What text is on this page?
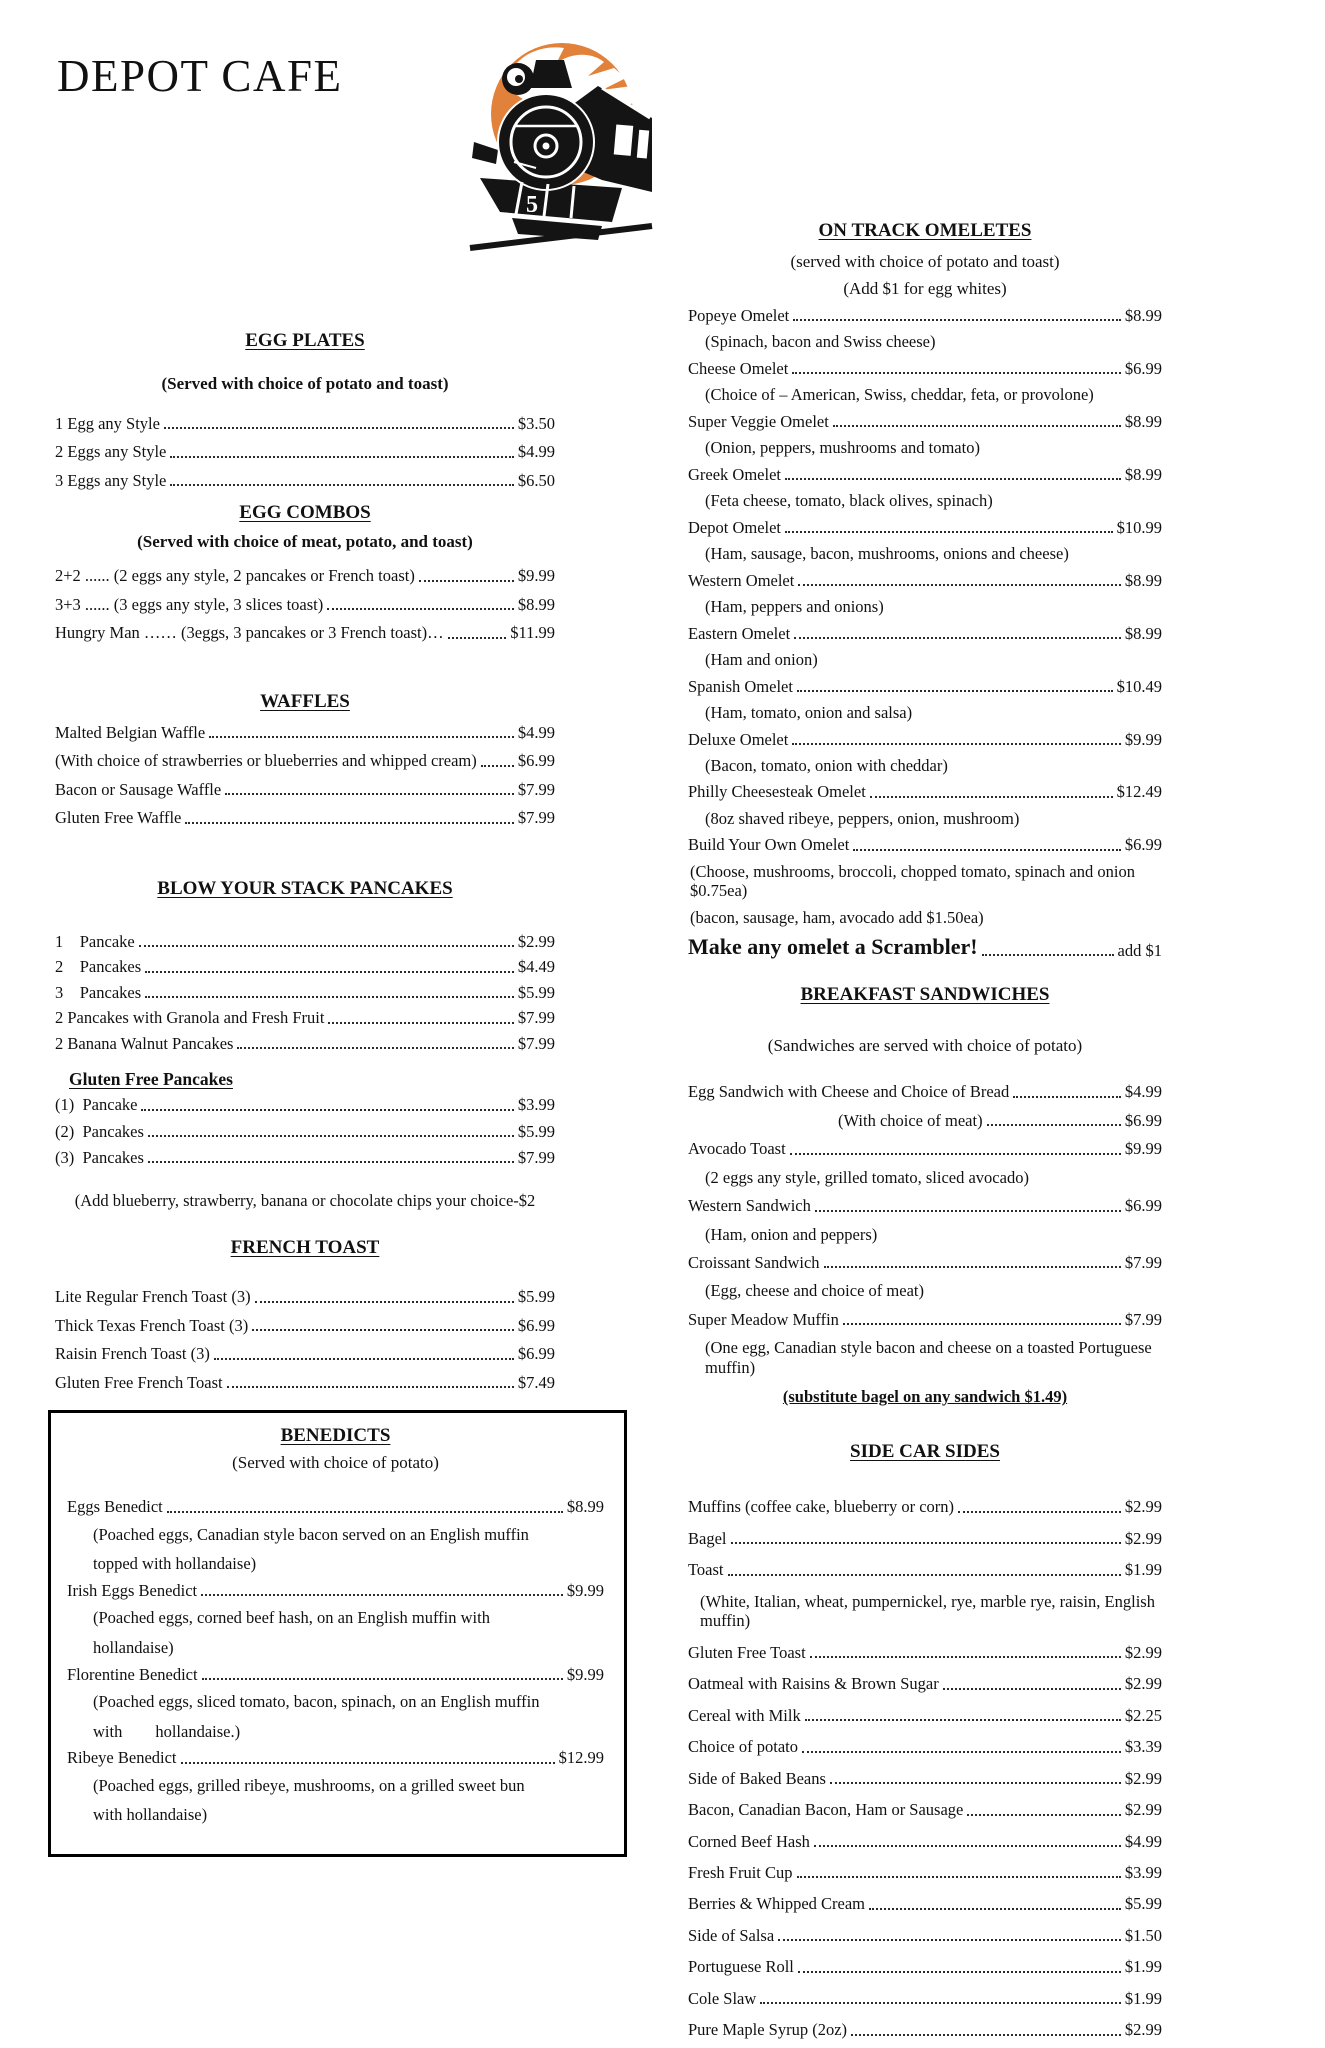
DEPOT CAFE
5
EGG PLATES
(Served with choice of potato and toast)
1 Egg any Style	$3.50
2 Eggs any Style	$4.99
3 Eggs any Style	$6.50
EGG COMBOS
(Served with choice of meat, potato, and toast)
2+2 ...... (2 eggs any style, 2 pancakes or French toast)	$9.99
3+3 ...... (3 eggs any style, 3 slices toast)	$8.99
Hungry Man …… (3eggs, 3 pancakes or 3 French toast)…	$11.99
WAFFLES
Malted Belgian Waffle	$4.99
(With choice of strawberries or blueberries and whipped cream) $6.99
Bacon or Sausage Waffle	$7.99
Gluten Free Waffle	$7.99
BLOW YOUR STACK PANCAKES
1    Pancake	$2.99
2    Pancakes	$4.49
3    Pancakes	$5.99
2 Pancakes with Granola and Fresh Fruit	$7.99
2 Banana Walnut Pancakes	$7.99
Gluten Free Pancakes
(1)  Pancake	$3.99
(2)  Pancakes	$5.99
(3)  Pancakes	$7.99
(Add blueberry, strawberry, banana or chocolate chips your choice-$2
FRENCH TOAST
Lite Regular French Toast (3)	$5.99
Thick Texas French Toast (3)	$6.99
Raisin French Toast (3)	$6.99
Gluten Free French Toast	$7.49
BENEDICTS
(Served with choice of potato)
Eggs Benedict	$8.99
(Poached eggs, Canadian style bacon served on an English muffin
topped with hollandaise)
Irish Eggs Benedict	$9.99
(Poached eggs, corned beef hash, on an English muffin with
hollandaise)
Florentine Benedict	$9.99
(Poached eggs, sliced tomato, bacon, spinach, on an English muffin
with        hollandaise.)
Ribeye Benedict	$12.99
(Poached eggs, grilled ribeye, mushrooms, on a grilled sweet bun
with hollandaise)
ON TRACK OMELETES
(served with choice of potato and toast)
(Add $1 for egg whites)
Popeye Omelet	$8.99
(Spinach, bacon and Swiss cheese)
Cheese Omelet	$6.99
(Choice of – American, Swiss, cheddar, feta, or provolone)
Super Veggie Omelet	$8.99
(Onion, peppers, mushrooms and tomato)
Greek Omelet	$8.99
(Feta cheese, tomato, black olives, spinach)
Depot Omelet	$10.99
(Ham, sausage, bacon, mushrooms, onions and cheese)
Western Omelet	$8.99
(Ham, peppers and onions)
Eastern Omelet	$8.99
(Ham and onion)
Spanish Omelet	$10.49
(Ham, tomato, onion and salsa)
Deluxe Omelet	$9.99
(Bacon, tomato, onion with cheddar)
Philly Cheesesteak Omelet	$12.49
(8oz shaved ribeye, peppers, onion, mushroom)
Build Your Own Omelet	$6.99
(Choose, mushrooms, broccoli, chopped tomato, spinach and onion $0.75ea)
(bacon, sausage, ham, avocado add $1.50ea)
Make any omelet a Scrambler!	add $1
BREAKFAST SANDWICHES
(Sandwiches are served with choice of potato)
Egg Sandwich with Cheese and Choice of Bread	$4.99
(With choice of meat)	$6.99
Avocado Toast	$9.99
(2 eggs any style, grilled tomato, sliced avocado)
Western Sandwich	$6.99
(Ham, onion and peppers)
Croissant Sandwich	$7.99
(Egg, cheese and choice of meat)
Super Meadow Muffin	$7.99
(One egg, Canadian style bacon and cheese on a toasted Portuguese muffin)
(substitute bagel on any sandwich $1.49)
SIDE CAR SIDES
Muffins (coffee cake, blueberry or corn)	$2.99
Bagel	$2.99
Toast	$1.99
(White, Italian, wheat, pumpernickel, rye, marble rye, raisin, English muffin)
Gluten Free Toast	$2.99
Oatmeal with Raisins & Brown Sugar	$2.99
Cereal with Milk	$2.25
Choice of potato	$3.39
Side of Baked Beans	$2.99
Bacon, Canadian Bacon, Ham or Sausage	$2.99
Corned Beef Hash	$4.99
Fresh Fruit Cup	$3.99
Berries & Whipped Cream	$5.99
Side of Salsa	$1.50
Portuguese Roll	$1.99
Cole Slaw	$1.99
Pure Maple Syrup (2oz)	$2.99
